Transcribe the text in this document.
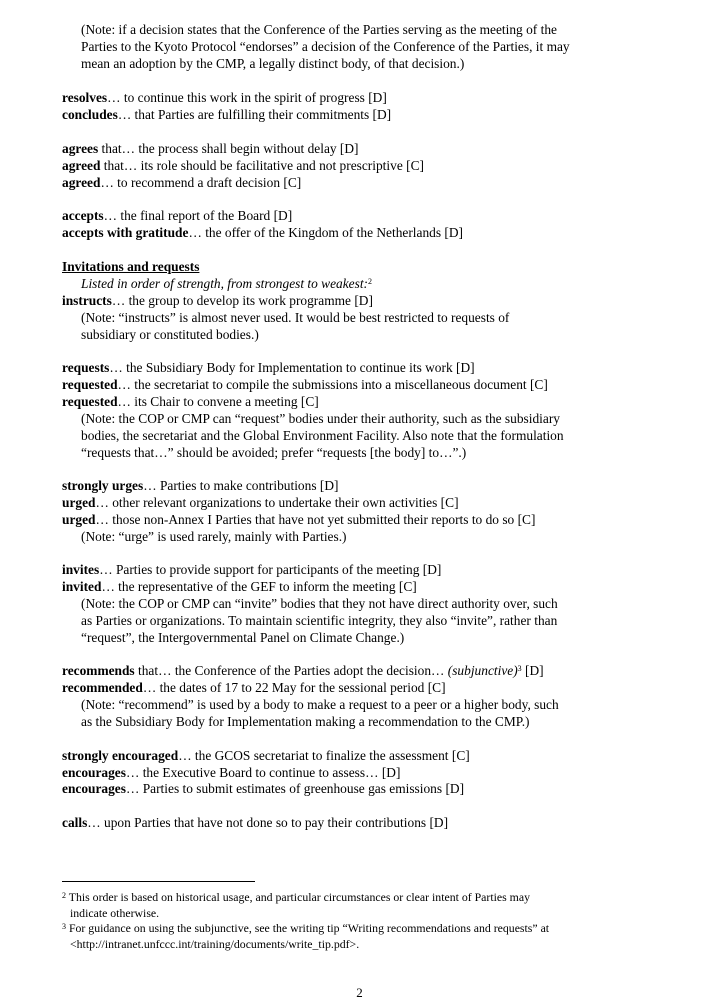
(Note: if a decision states that the Conference of the Parties serving as the meeting of the
Parties to the Kyoto Protocol “endorses” a decision of the Conference of the Parties, it may
mean an adoption by the CMP, a legally distinct body, of that decision.)
resolves… to continue this work in the spirit of progress [D]
concludes… that Parties are fulfilling their commitments [D]
agrees that… the process shall begin without delay [D]
agreed that… its role should be facilitative and not prescriptive [C]
agreed… to recommend a draft decision [C]
accepts… the final report of the Board [D]
accepts with gratitude… the offer of the Kingdom of the Netherlands [D]
Invitations and requests
Listed in order of strength, from strongest to weakest:$^2$
instructs… the group to develop its work programme [D]
(Note: “instructs” is almost never used. It would be best restricted to requests of
subsidiary or constituted bodies.)
requests… the Subsidiary Body for Implementation to continue its work [D]
requested… the secretariat to compile the submissions into a miscellaneous document [C]
requested… its Chair to convene a meeting [C]
(Note: the COP or CMP can “request” bodies under their authority, such as the subsidiary
bodies, the secretariat and the Global Environment Facility. Also note that the formulation
“requests that…” should be avoided; prefer “requests [the body] to…”.)
strongly urges… Parties to make contributions [D]
urged… other relevant organizations to undertake their own activities [C]
urged… those non-Annex I Parties that have not yet submitted their reports to do so [C]
(Note: “urge” is used rarely, mainly with Parties.)
invites… Parties to provide support for participants of the meeting [D]
invited… the representative of the GEF to inform the meeting [C]
(Note: the COP or CMP can “invite” bodies that they not have direct authority over, such
as Parties or organizations. To maintain scientific integrity, they also “invite”, rather than
“request”, the Intergovernmental Panel on Climate Change.)
recommends that… the Conference of the Parties adopt the decision… (subjunctive)$^3$ [D]
recommended… the dates of 17 to 22 May for the sessional period [C]
(Note: “recommend” is used by a body to make a request to a peer or a higher body, such
as the Subsidiary Body for Implementation making a recommendation to the CMP.)
strongly encouraged… the GCOS secretariat to finalize the assessment [C]
encourages… the Executive Board to continue to assess… [D]
encourages… Parties to submit estimates of greenhouse gas emissions [D]
calls… upon Parties that have not done so to pay their contributions [D]
$^2$ This order is based on historical usage, and particular circumstances or clear intent of Parties may
indicate otherwise.
$^3$ For guidance on using the subjunctive, see the writing tip “Writing recommendations and requests” at
<http://intranet.unfccc.int/training/documents/write_tip.pdf>.
2
